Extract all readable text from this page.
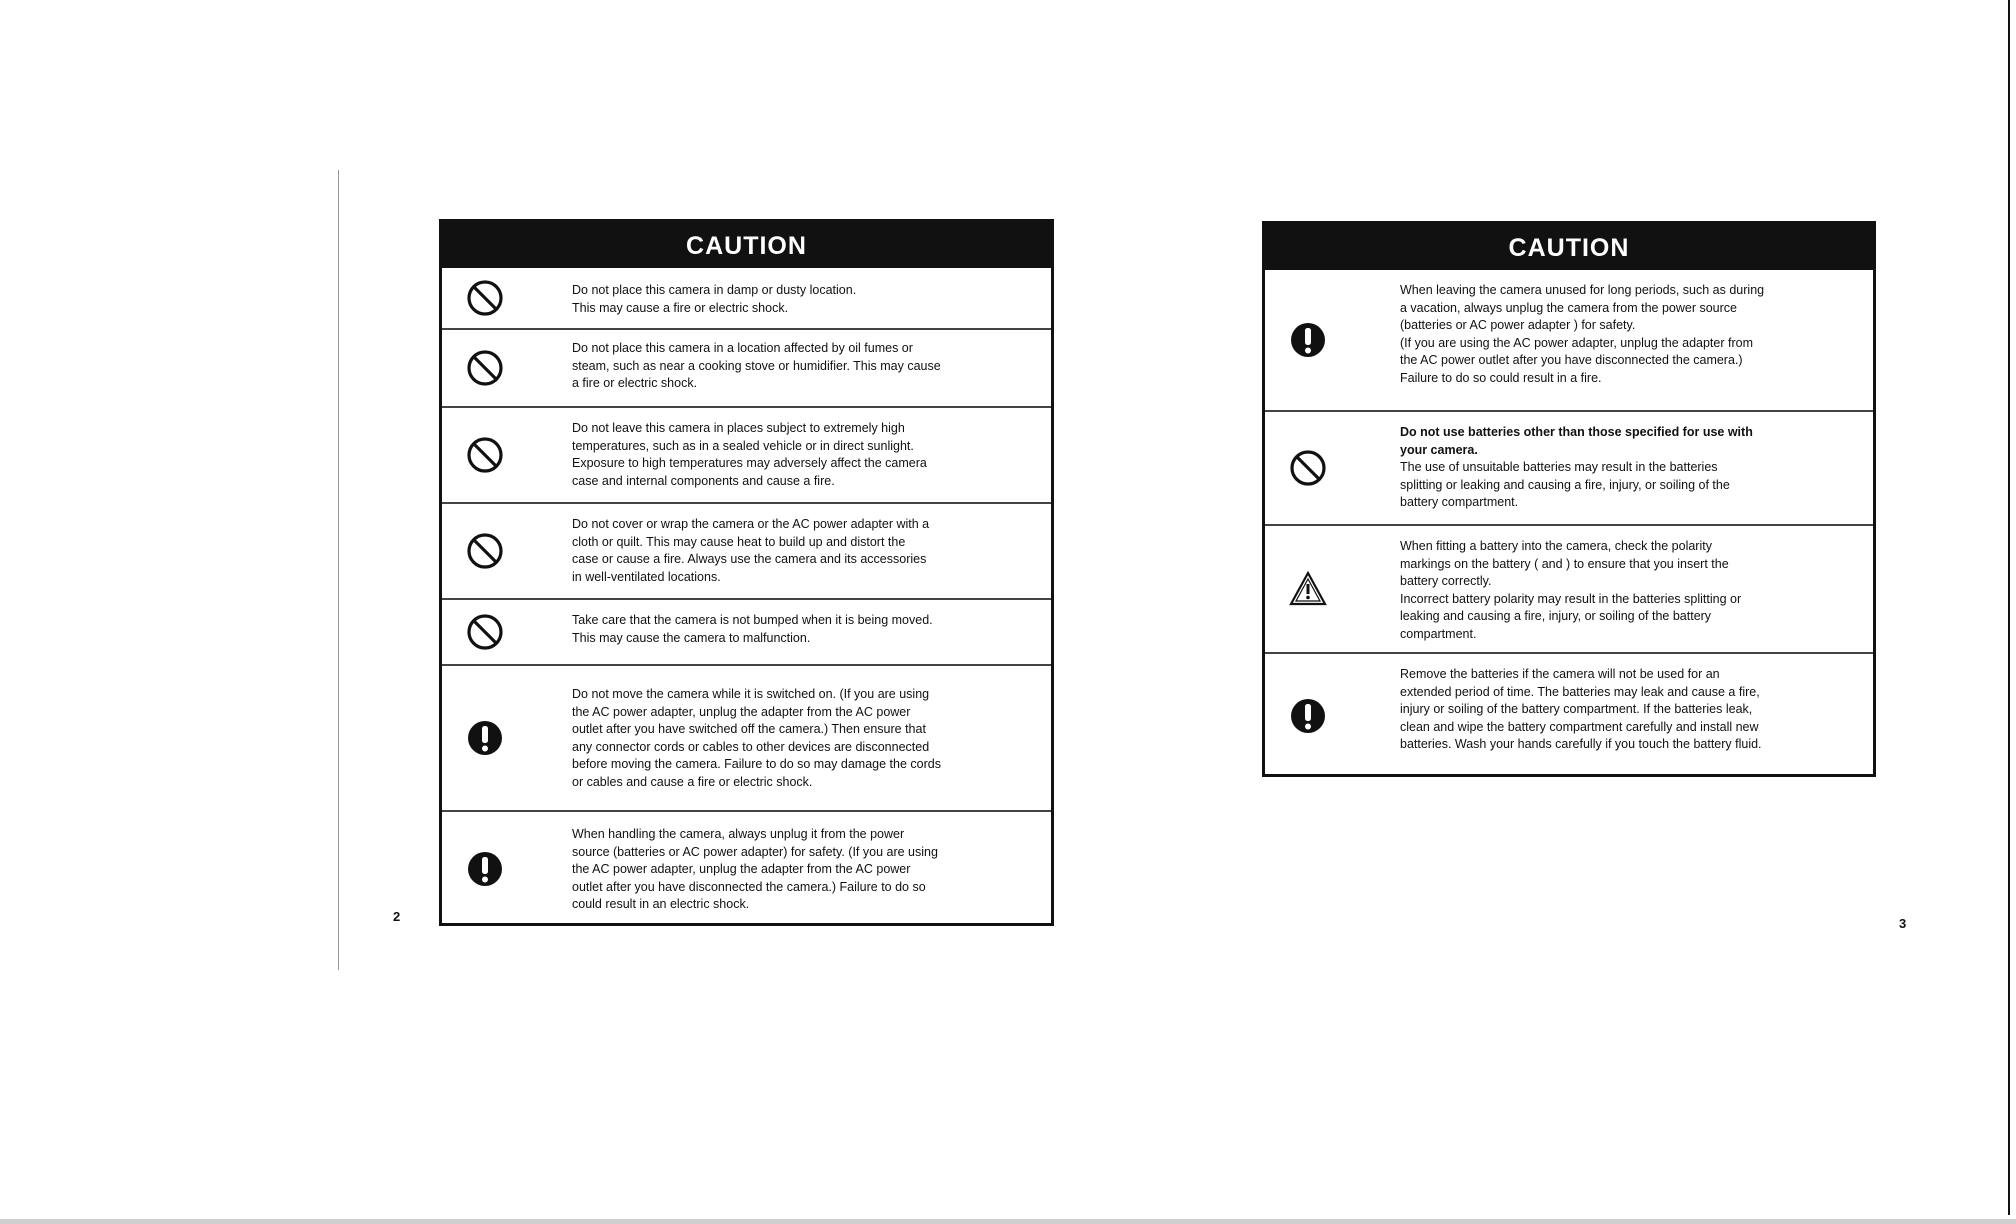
CAUTION
Do not place this camera in damp or dusty location.
This may cause a fire or electric shock.
Do not place this camera in a location affected by oil fumes or
steam, such as near a cooking stove or humidifier. This may cause
a fire or electric shock.
Do not leave this camera in places subject to extremely high
temperatures, such as in a sealed vehicle or in direct sunlight.
Exposure to high temperatures may adversely affect the camera
case and internal components and cause a fire.
Do not cover or wrap the camera or the AC power adapter with a
cloth or quilt. This may cause heat to build up and distort the
case or cause a fire. Always use the camera and its accessories
in well-ventilated locations.
Take care that the camera is not bumped when it is being moved.
This may cause the camera to malfunction.
Do not move the camera while it is switched on. (If you are using
the AC power adapter, unplug the adapter from the AC power
outlet after you have switched off the camera.) Then ensure that
any connector cords or cables to other devices are disconnected
before moving the camera. Failure to do so may damage the cords
or cables and cause a fire or electric shock.
When handling the camera, always unplug it from the power
source (batteries or AC power adapter) for safety. (If you are using
the AC power adapter, unplug the adapter from the AC power
outlet after you have disconnected the camera.) Failure to do so
could result in an electric shock.
2
CAUTION
When leaving the camera unused for long periods, such as during
a vacation, always unplug the camera from the power source
(batteries or AC power adapter ) for safety.
(If you are using the AC power adapter, unplug the adapter from
the AC power outlet after you have disconnected the camera.)
Failure to do so could result in a fire.
Do not use batteries other than those specified for use with
your camera.
The use of unsuitable batteries may result in the batteries
splitting or leaking and causing a fire, injury, or soiling of the
battery compartment.
When fitting a battery into the camera, check the polarity
markings on the battery ( and ) to ensure that you insert the
battery correctly.
Incorrect battery polarity may result in the batteries splitting or
leaking and causing a fire, injury, or soiling of the battery
compartment.
Remove the batteries if the camera will not be used for an
extended period of time. The batteries may leak and cause a fire,
injury or soiling of the battery compartment. If the batteries leak,
clean and wipe the battery compartment carefully and install new
batteries. Wash your hands carefully if you touch the battery fluid.
3
